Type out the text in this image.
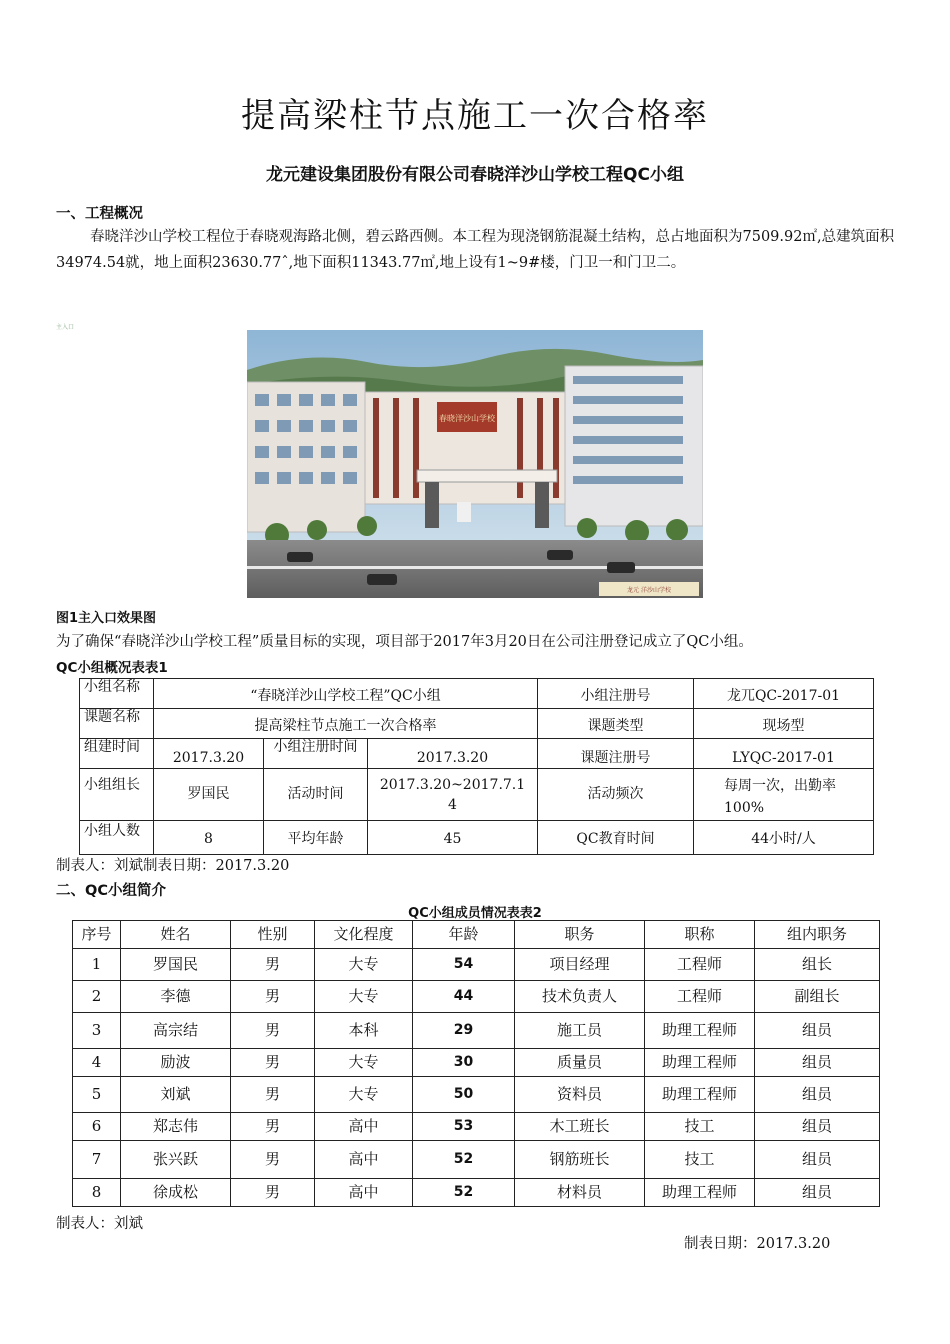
提高梁柱节点施工一次合格率
龙元建设集团股份有限公司春晓洋沙山学校工程QC小组
一、工程概况
春晓洋沙山学校工程位于春晓观海路北侧，碧云路西侧。本工程为现浇钢筋混凝土结构，总占地面积为7509.92㎡,总建筑面积34974.54就，地上面积23630.77ˆ,地下面积11343.77㎡,地上设有1~9#楼，门卫一和门卫二。
主入口
春晓洋沙山学校
龙元 洋沙山学校
图1主入口效果图
为了确保“春晓洋沙山学校工程”质量目标的实现，项目部于2017年3月20日在公司注册登记成立了QC小组。
QC小组概况表表1
小组名称	“春晓洋沙山学校工程”QC小组			小组注册号	龙兀QC-2017-01
课题名称	提高梁柱节点施工一次合格率			课题类型	现场型
组建时间	2017.3.20	小组注册时间	2017.3.20	课题注册号	LYQC-2017-01
小组组长	罗国民	活动时间	2017.3.20~2017.7.14	活动频次	每周一次，出勤率100%
小组人数	8	平均年龄	45	QC教育时间	44小时/人
制表人：刘斌制表日期：2017.3.20
二、QC小组简介
QC小组成员情况表表2
序号	姓名	性别	文化程度	年龄	职务	职称	组内职务
1	罗国民	男	大专	54	项目经理	工程师	组长
2	李德	男	大专	44	技术负责人	工程师	副组长
3	高宗结	男	本科	29	施工员	助理工程师	组员
4	励波	男	大专	30	质量员	助理工程师	组员
5	刘斌	男	大专	50	资料员	助理工程师	组员
6	郑志伟	男	高中	53	木工班长	技工	组员
7	张兴跃	男	高中	52	钢筋班长	技工	组员
8	徐成松	男	高中	52	材料员	助理工程师	组员
制表人：刘斌
制表日期：2017.3.20
